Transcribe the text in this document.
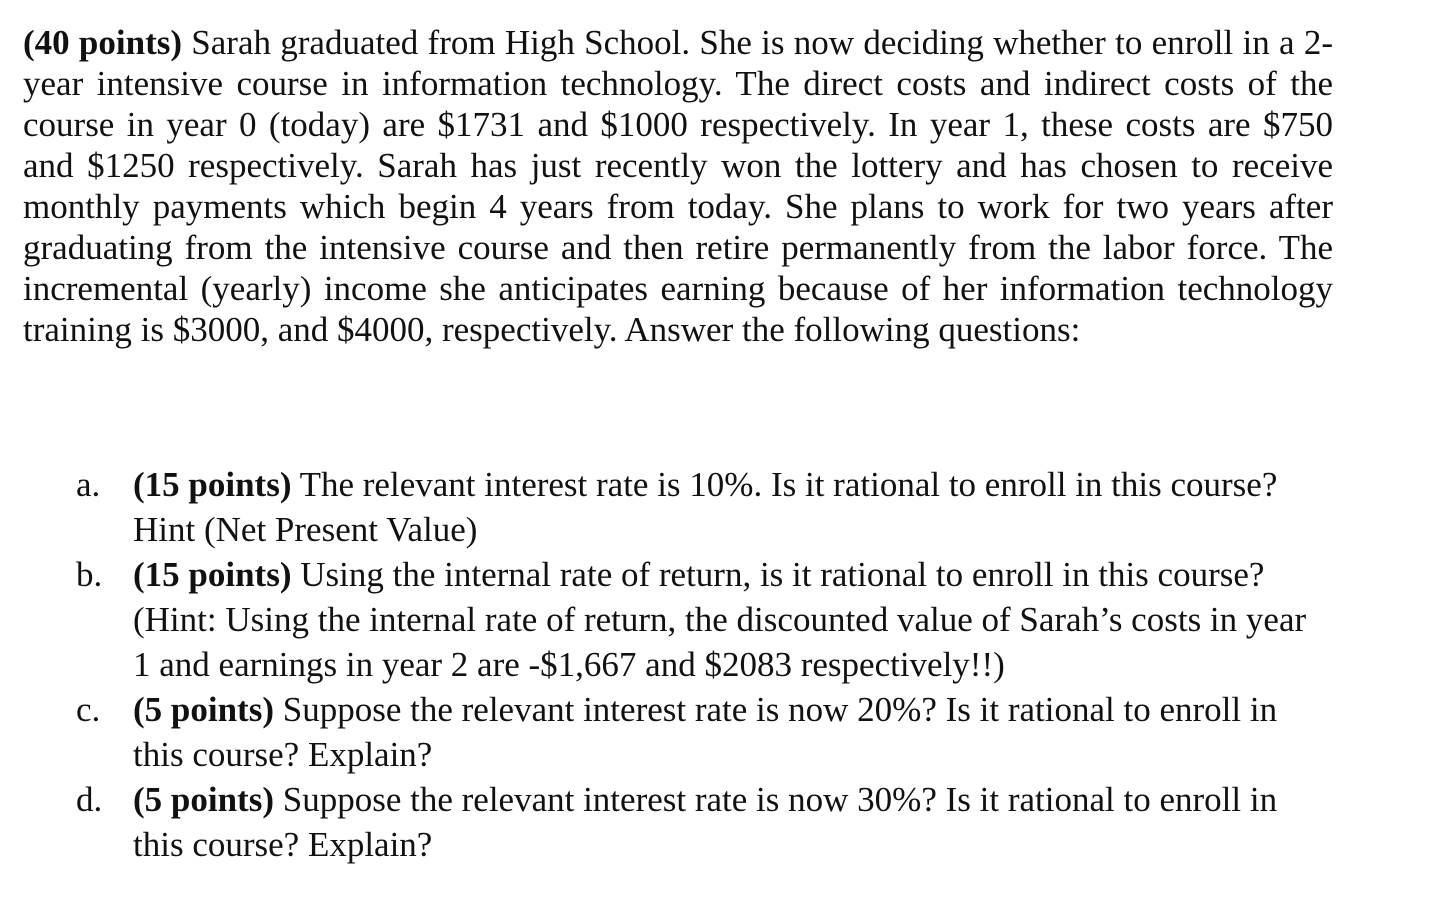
(40 points) Sarah graduated from High School. She is now deciding whether to enroll in a 2-year intensive course in information technology. The direct costs and indirect costs of the course in year 0 (today) are $1731 and $1000 respectively. In year 1, these costs are $750 and $1250 respectively. Sarah has just recently won the lottery and has chosen to receive monthly payments which begin 4 years from today. She plans to work for two years after graduating from the intensive course and then retire permanently from the labor force. The incremental (yearly) income she anticipates earning because of her information technology training is $3000, and $4000, respectively. Answer the following questions:
a. (15 points) The relevant interest rate is 10%. Is it rational to enroll in this course? Hint (Net Present Value)
b. (15 points) Using the internal rate of return, is it rational to enroll in this course? (Hint: Using the internal rate of return, the discounted value of Sarah’s costs in year 1 and earnings in year 2 are -$1,667 and $2083 respectively!!)
c. (5 points) Suppose the relevant interest rate is now 20%? Is it rational to enroll in this course? Explain?
d. (5 points) Suppose the relevant interest rate is now 30%? Is it rational to enroll in this course? Explain?
